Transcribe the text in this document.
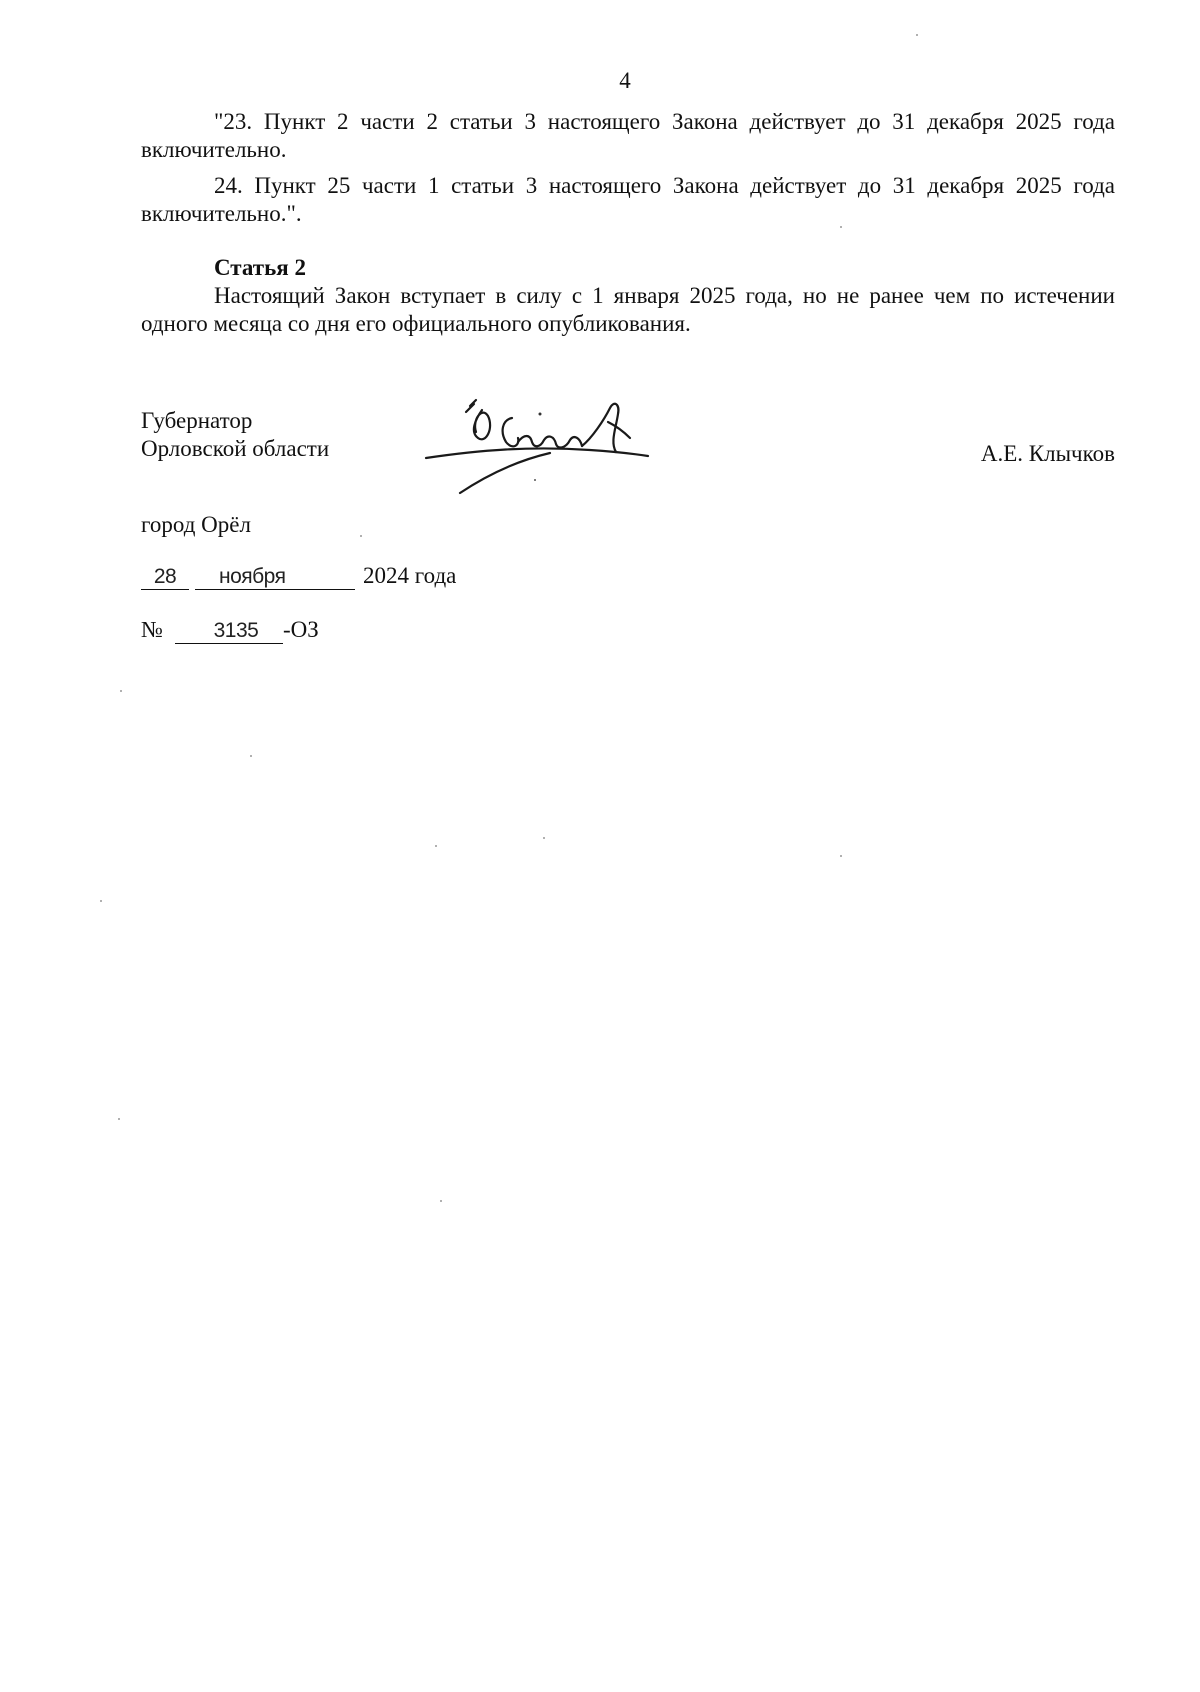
4

"23. Пункт 2 части 2 статьи 3 настоящего Закона действует до 31 декабря 2025 года включительно.

24. Пункт 25 части 1 статьи 3 настоящего Закона действует до 31 декабря 2025 года включительно.".

Статья 2

Настоящий Закон вступает в силу с 1 января 2025 года, но не ранее чем по истечении одного месяца со дня его официального опубликования.

Губернатор
Орловской области	А.Е. Клычков
город Орёл
28 ноября	2024 года
№ 3135 -ОЗ
